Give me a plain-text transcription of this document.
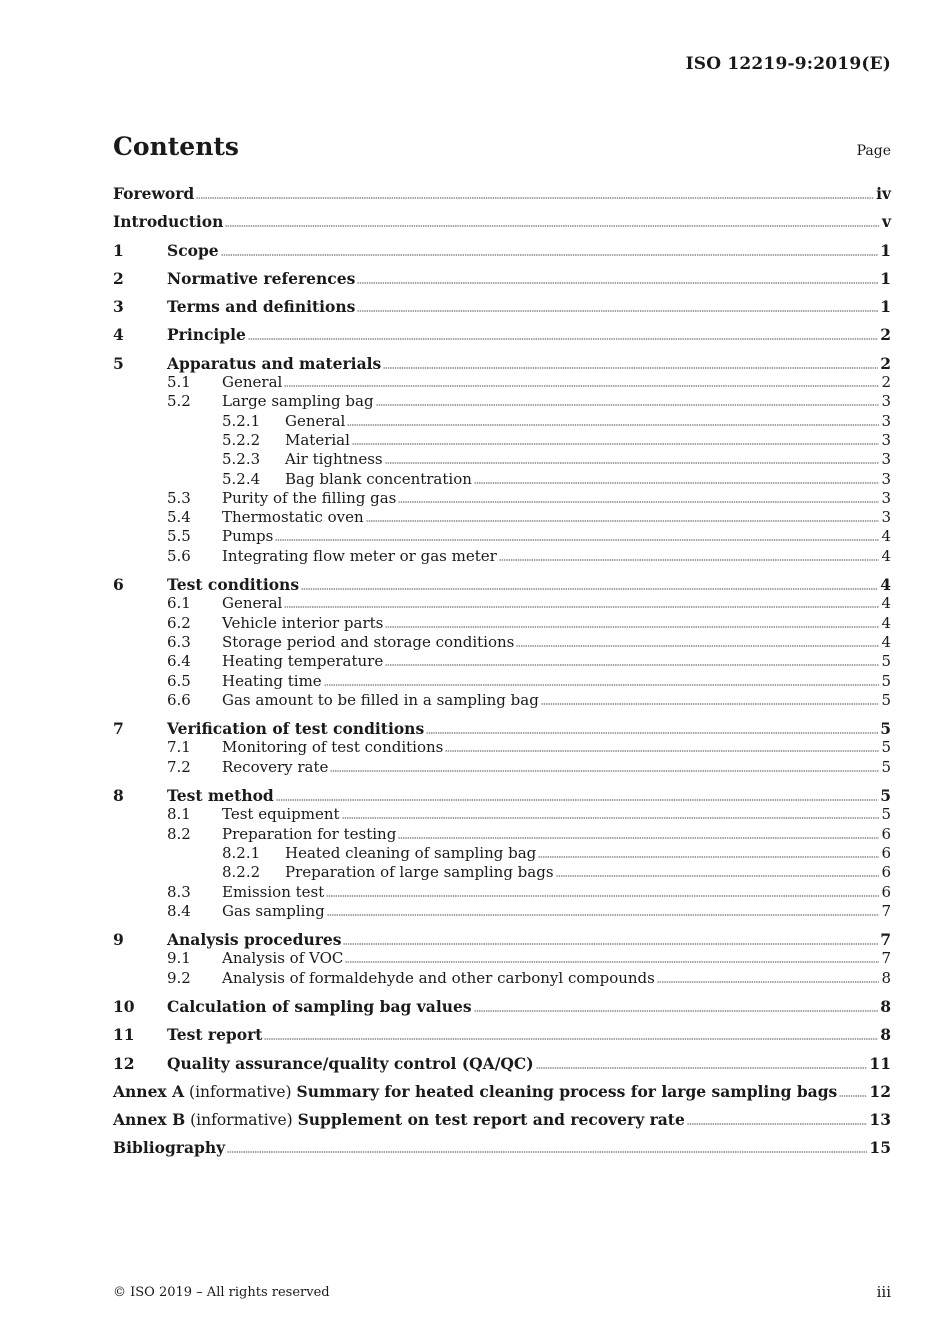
ISO 12219-9:2019(E)
Contents	Page
Foreword	iv
Introduction	v
1	Scope	1
2	Normative references	1
3	Terms and definitions	1
4	Principle	2
5	Apparatus and materials	2
5.1	General	2
5.2	Large sampling bag	3
5.2.1	General	3
5.2.2	Material	3
5.2.3	Air tightness	3
5.2.4	Bag blank concentration	3
5.3	Purity of the filling gas	3
5.4	Thermostatic oven	3
5.5	Pumps	4
5.6	Integrating flow meter or gas meter	4
6	Test conditions	4
6.1	General	4
6.2	Vehicle interior parts	4
6.3	Storage period and storage conditions	4
6.4	Heating temperature	5
6.5	Heating time	5
6.6	Gas amount to be filled in a sampling bag	5
7	Verification of test conditions	5
7.1	Monitoring of test conditions	5
7.2	Recovery rate	5
8	Test method	5
8.1	Test equipment	5
8.2	Preparation for testing	6
8.2.1	Heated cleaning of sampling bag	6
8.2.2	Preparation of large sampling bags	6
8.3	Emission test	6
8.4	Gas sampling	7
9	Analysis procedures	7
9.1	Analysis of VOC	7
9.2	Analysis of formaldehyde and other carbonyl compounds	8
10	Calculation of sampling bag values	8
11	Test report	8
12	Quality assurance/quality control (QA/QC)	11
Annex A (informative) Summary for heated cleaning process for large sampling bags 12
Annex B (informative) Supplement on test report and recovery rate	13
Bibliography	15
© ISO 2019 – All rights reserved	iii
